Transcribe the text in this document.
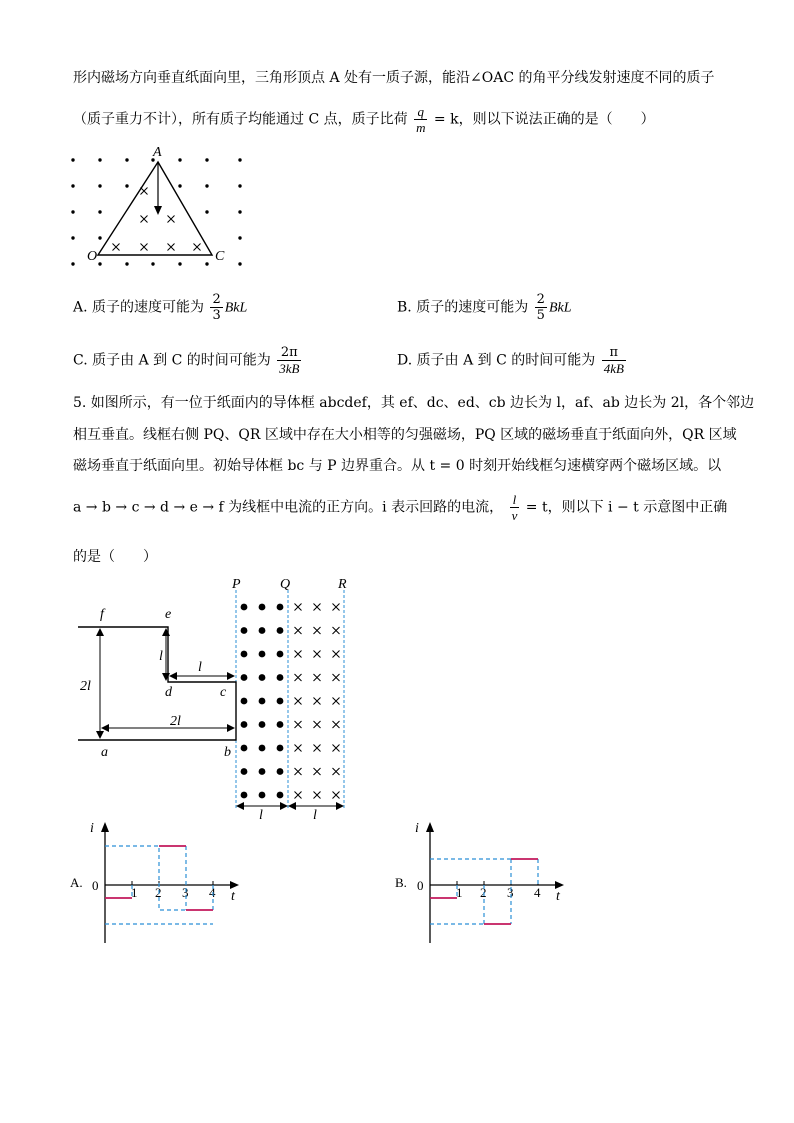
形内磁场方向垂直纸面向里，三角形顶点 A 处有一质子源，能沿∠OAC 的角平分线发射速度不同的质子
（质子重力不计），所有质子均能通过 C 点，质子比荷 $\frac{q}{m} = k$，则以下说法正确的是（　　）
A
O	C
A. 质子的速度可能为 $\frac{2}{3}$ BkL	B. 质子的速度可能为 $\frac{2}{5}$ BkL
C. 质子由 A 到 C 的时间可能为 $\frac{2\pi}{3kB}$	D. 质子由 A 到 C 的时间可能为 $\frac{\pi}{4kB}$
5. 如图所示，有一位于纸面内的导体框 abcdef，其 ef、dc、ed、cb 边长为 l，af、ab 边长为 2l，各个邻边
相互垂直。线框右侧 PQ、QR 区域中存在大小相等的匀强磁场，PQ 区域的磁场垂直于纸面向外，QR 区域
磁场垂直于纸面向里。初始导体框 bc 与 P 边界重合。从 t = 0 时刻开始线框匀速横穿两个磁场区域。以
a → b → c → d → e → f 为线框中电流的正方向。i 表示回路的电流， $\frac{l}{v} = t$，则以下 i − t 示意图中正确
的是（　　）
P	Q	R
f	e
d	c
a	b
l
l
2l
2l
l	l
A.
i
t
0	1 2 3 4
B.
i
t
0	1 2 3 4
